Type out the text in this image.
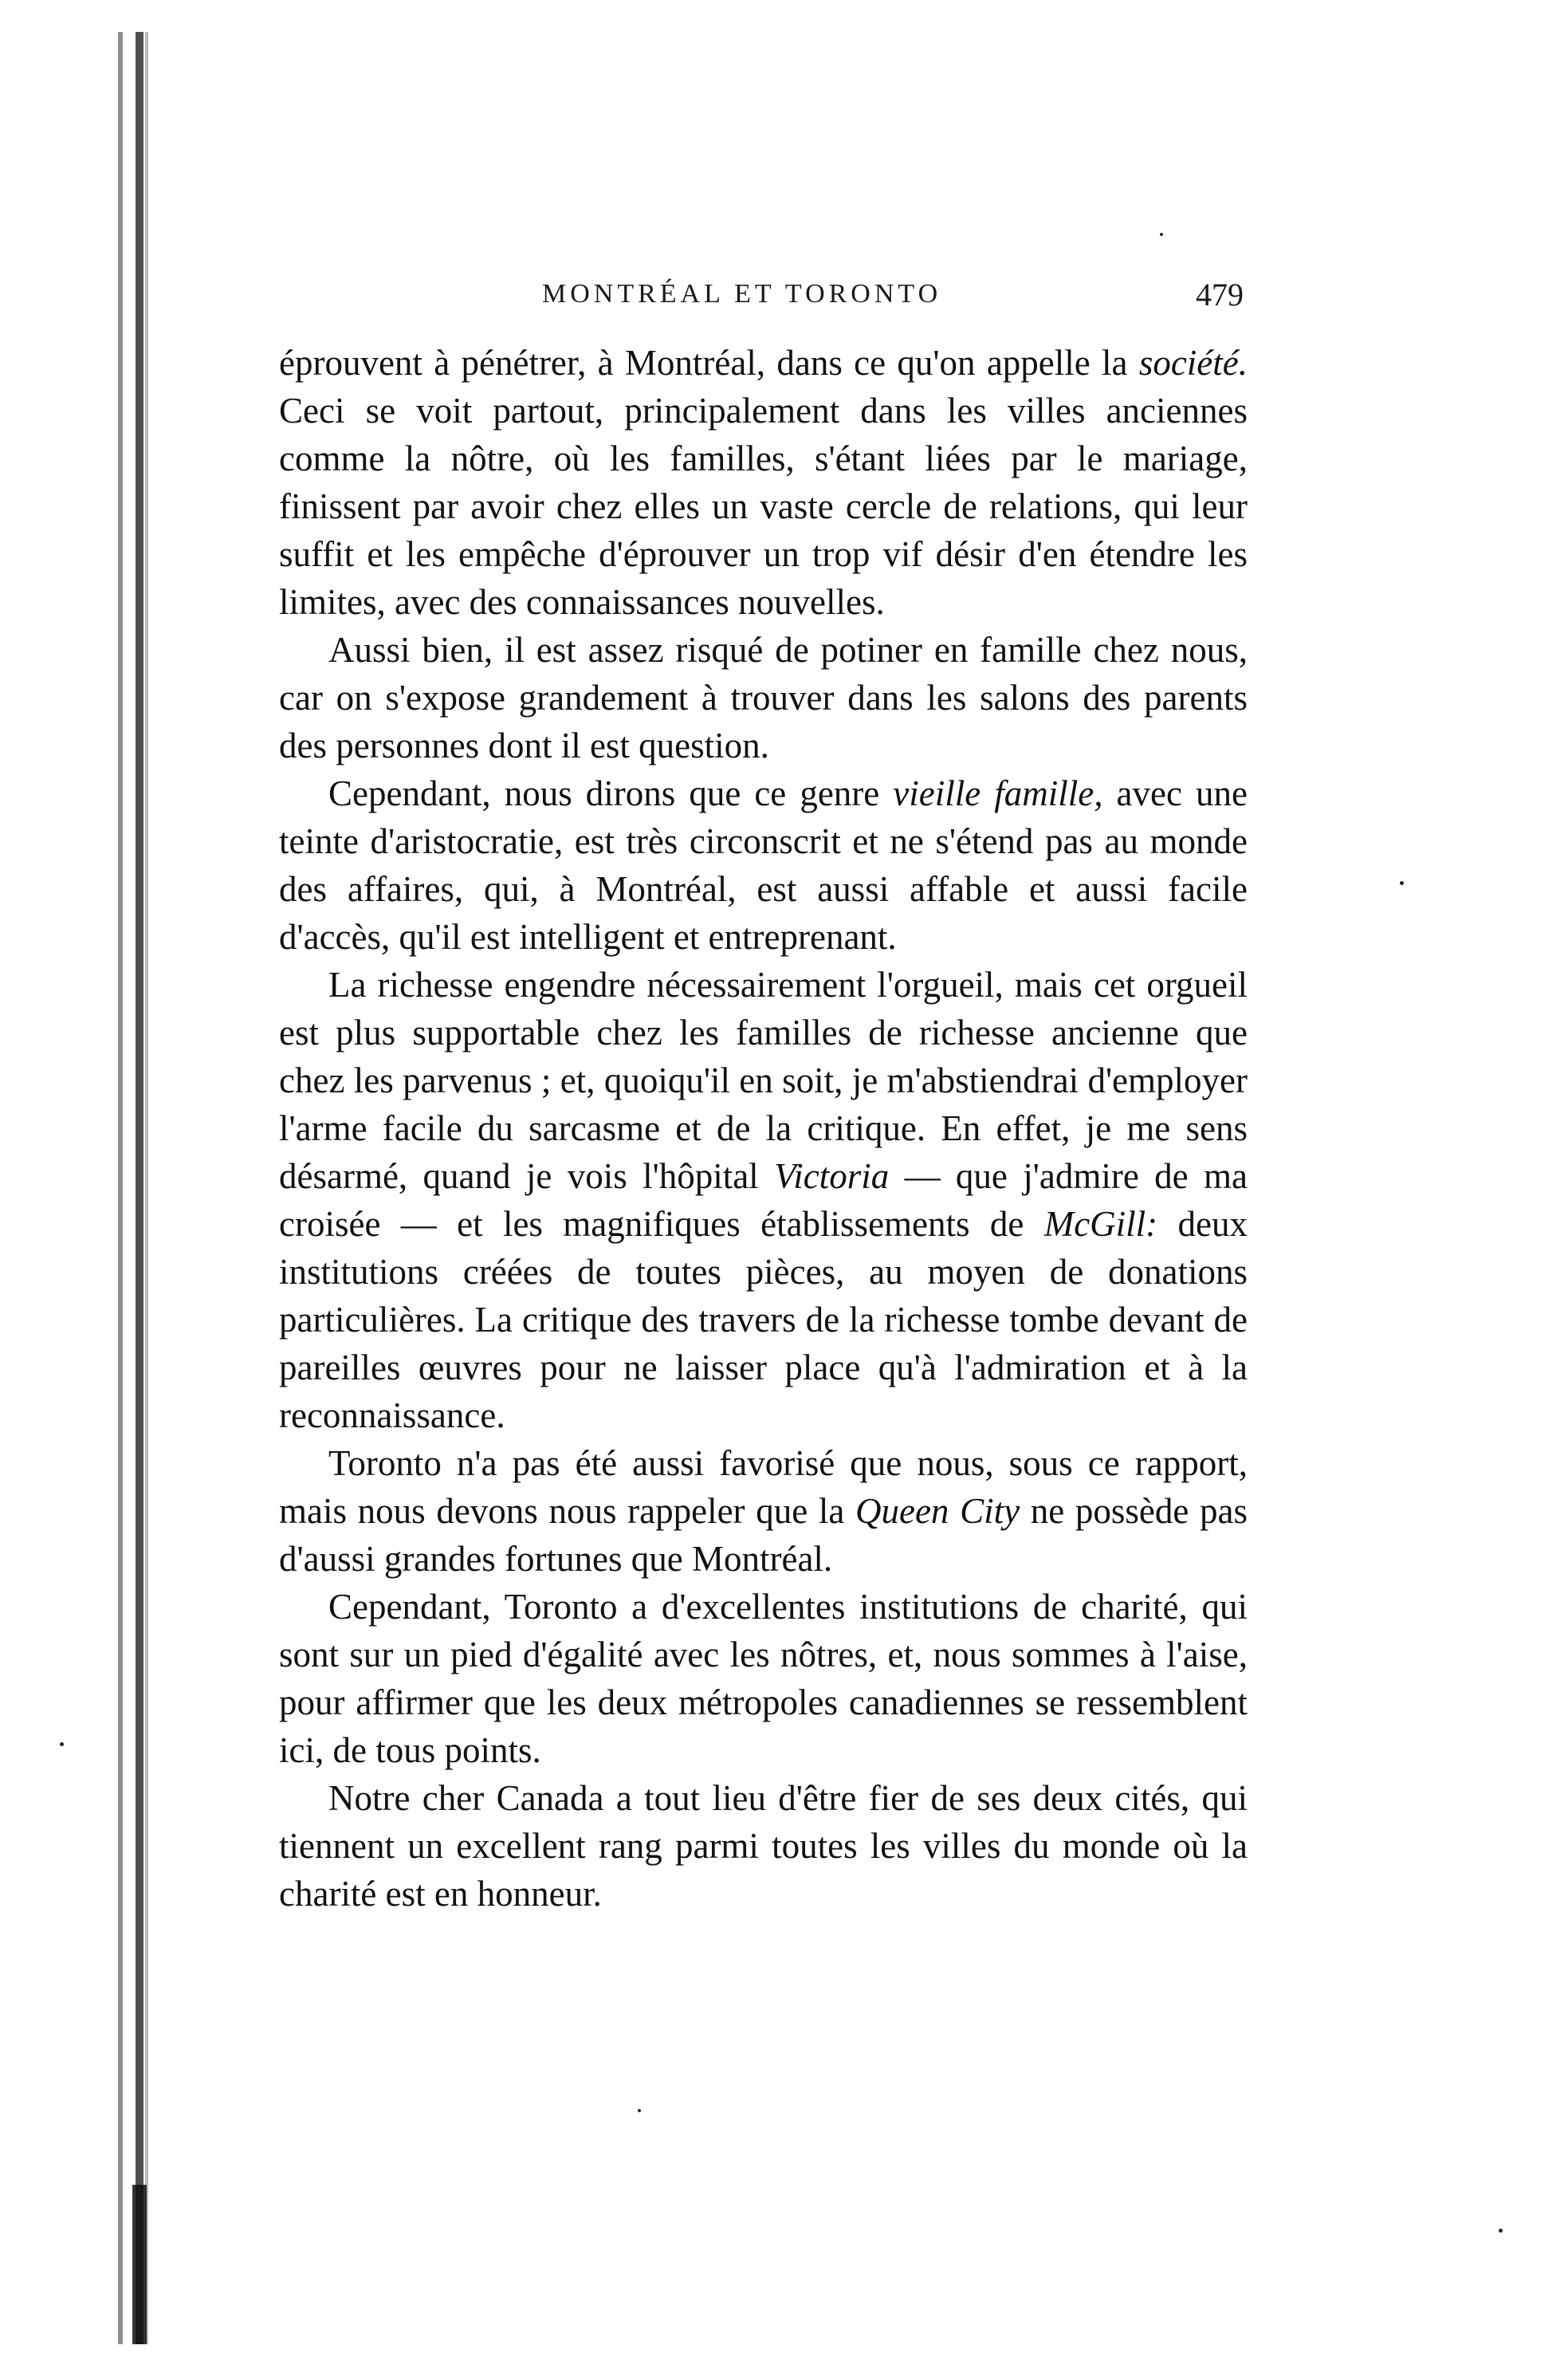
MONTRÉAL ET TORONTO	479

éprouvent à pénétrer, à Montréal, dans ce qu'on appelle la société. Ceci se voit partout, principalement dans les villes anciennes comme la nôtre, où les familles, s'étant liées par le mariage, finissent par avoir chez elles un vaste cercle de relations, qui leur suffit et les empêche d'éprouver un trop vif désir d'en étendre les limites, avec des connaissances nouvelles.

Aussi bien, il est assez risqué de potiner en famille chez nous, car on s'expose grandement à trouver dans les salons des parents des personnes dont il est question.

Cependant, nous dirons que ce genre vieille famille, avec une teinte d'aristocratie, est très circonscrit et ne s'étend pas au monde des affaires, qui, à Montréal, est aussi affable et aussi facile d'accès, qu'il est intelligent et entreprenant.

La richesse engendre nécessairement l'orgueil, mais cet orgueil est plus supportable chez les familles de richesse ancienne que chez les parvenus ; et, quoiqu'il en soit, je m'abstiendrai d'employer l'arme facile du sarcasme et de la critique. En effet, je me sens désarmé, quand je vois l'hôpital Victoria — que j'admire de ma croisée — et les magnifiques établissements de McGill: deux institutions créées de toutes pièces, au moyen de donations particulières. La critique des travers de la richesse tombe devant de pareilles œuvres pour ne laisser place qu'à l'admiration et à la reconnaissance.

Toronto n'a pas été aussi favorisé que nous, sous ce rapport, mais nous devons nous rappeler que la Queen City ne possède pas d'aussi grandes fortunes que Montréal.

Cependant, Toronto a d'excellentes institutions de charité, qui sont sur un pied d'égalité avec les nôtres, et, nous sommes à l'aise, pour affirmer que les deux métropoles canadiennes se ressemblent ici, de tous points.

Notre cher Canada a tout lieu d'être fier de ses deux cités, qui tiennent un excellent rang parmi toutes les villes du monde où la charité est en honneur.
